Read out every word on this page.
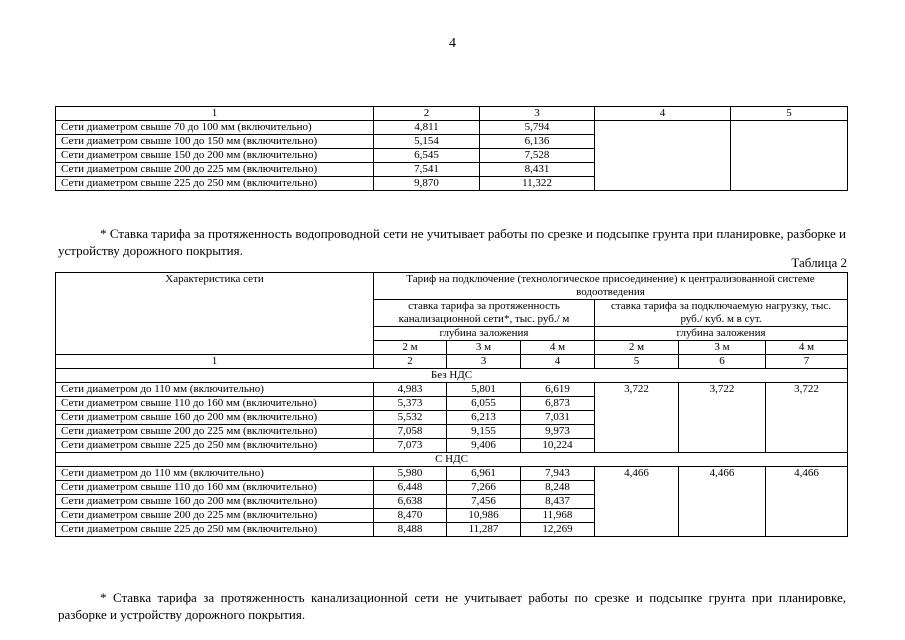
4
1	2	3	4	5
Сети диаметром свыше 70 до 100 мм (включительно)	4,811	5,794		
Сети диаметром свыше 100 до 150 мм (включительно)	5,154	6,136		
Сети диаметром свыше 150 до 200 мм (включительно)	6,545	7,528		
Сети диаметром свыше 200 до 225 мм (включительно)	7,541	8,431		
Сети диаметром свыше 225 до 250 мм (включительно)	9,870	11,322		

* Ставка тарифа за протяженность водопроводной сети не учитывает работы по срезке и подсыпке грунта при планировке, разборке и устройству дорожного покрытия.

Таблица 2
Характеристика сети	Тариф на подключение (технологическое присоединение) к централизованной системе водоотведения					
	ставка тарифа за протяженность канализационной сети*, тыс. руб./ м			ставка тарифа за подключаемую нагрузку, тыс. руб./ куб. м в сут.		
	глубина заложения			глубина заложения		
	2 м	3 м	4 м	2 м	3 м	4 м
1	2	3	4	5	6	7
Без НДС						
Сети диаметром до 110 мм (включительно)	4,983	5,801	6,619	3,722	3,722	3,722
Сети диаметром свыше 110 до 160 мм (включительно)	5,373	6,055	6,873			
Сети диаметром свыше 160 до 200 мм (включительно)	5,532	6,213	7,031			
Сети диаметром свыше 200 до 225 мм (включительно)	7,058	9,155	9,973			
Сети диаметром свыше 225 до 250 мм (включительно)	7,073	9,406	10,224			
С НДС						
Сети диаметром до 110 мм (включительно)	5,980	6,961	7,943	4,466	4,466	4,466
Сети диаметром свыше 110 до 160 мм (включительно)	6,448	7,266	8,248			
Сети диаметром свыше 160 до 200 мм (включительно)	6,638	7,456	8,437			
Сети диаметром свыше 200 до 225 мм (включительно)	8,470	10,986	11,968			
Сети диаметром свыше 225 до 250 мм (включительно)	8,488	11,287	12,269			

* Ставка тарифа за протяженность канализационной сети не учитывает работы по срезке и подсыпке грунта при планировке, разборке и устройству дорожного покрытия.
